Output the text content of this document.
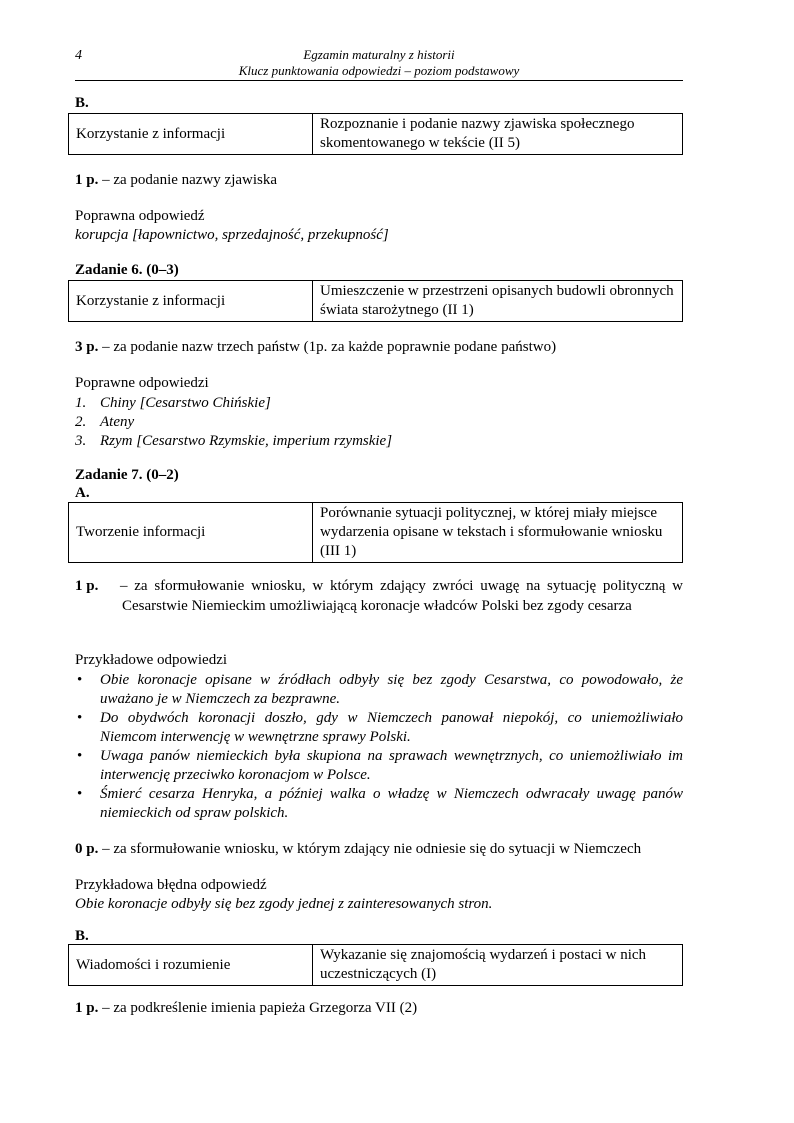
4	Egzamin maturalny z historii
Klucz punktowania odpowiedzi – poziom podstawowy
B.
Korzystanie z informacji	Rozpoznanie i podanie nazwy zjawiska społecznego skomentowanego w tekście (II 5)
1 p. – za podanie nazwy zjawiska
Poprawna odpowiedź
korupcja [łapownictwo, sprzedajność, przekupność]
Zadanie 6. (0–3)
Korzystanie z informacji	Umieszczenie w przestrzeni opisanych budowli obronnych świata starożytnego (II 1)
3 p. – za podanie nazw trzech państw (1p. za każde poprawnie podane państwo)
Poprawne odpowiedzi
1. Chiny [Cesarstwo Chińskie]
2. Ateny
3. Rzym [Cesarstwo Rzymskie, imperium rzymskie]
Zadanie 7. (0–2)
A.
Tworzenie informacji	Porównanie sytuacji politycznej, w której miały miejsce wydarzenia opisane w tekstach i sformułowanie wniosku (III 1)
1 p. – za sformułowanie wniosku, w którym zdający zwróci uwagę na sytuację polityczną w Cesarstwie Niemieckim umożliwiającą koronacje władców Polski bez zgody cesarza
Przykładowe odpowiedzi
• Obie koronacje opisane w źródłach odbyły się bez zgody Cesarstwa, co powodowało, że uważano je w Niemczech za bezprawne.
• Do obydwóch koronacji doszło, gdy w Niemczech panował niepokój, co uniemożliwiało Niemcom interwencję w wewnętrzne sprawy Polski.
• Uwaga panów niemieckich była skupiona na sprawach wewnętrznych, co uniemożliwiało im interwencję przeciwko koronacjom w Polsce.
• Śmierć cesarza Henryka, a później walka o władzę w Niemczech odwracały uwagę panów niemieckich od spraw polskich.
0 p. – za sformułowanie wniosku, w którym zdający nie odniesie się do sytuacji w Niemczech
Przykładowa błędna odpowiedź
Obie koronacje odbyły się bez zgody jednej z zainteresowanych stron.
B.
Wiadomości i rozumienie	Wykazanie się znajomością wydarzeń i postaci w nich uczestniczących (I)
1 p. – za podkreślenie imienia papieża Grzegorza VII (2)
